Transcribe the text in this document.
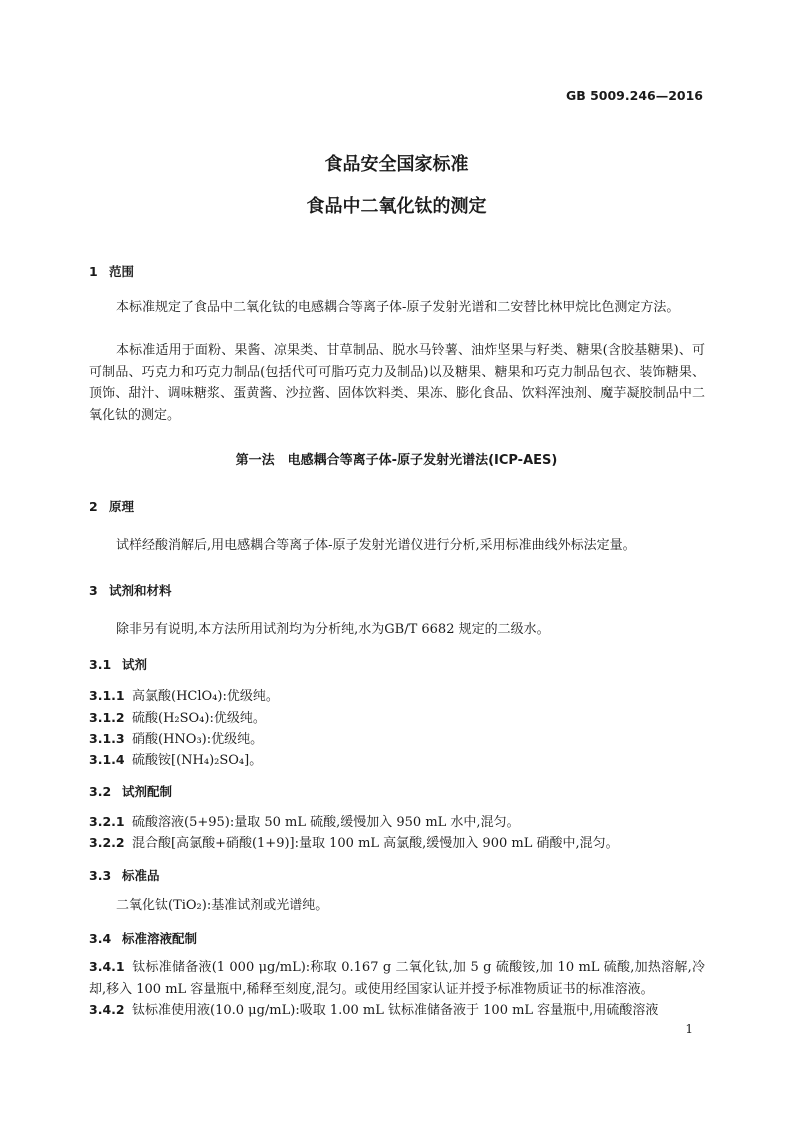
GB 5009.246—2016
食品安全国家标准
食品中二氧化钛的测定
1 范围
本标准规定了食品中二氧化钛的电感耦合等离子体-原子发射光谱和二安替比林甲烷比色测定方法。
本标准适用于面粉、果酱、凉果类、甘草制品、脱水马铃薯、油炸坚果与籽类、糖果(含胶基糖果)、可可制品、巧克力和巧克力制品(包括代可可脂巧克力及制品)以及糖果、糖果和巧克力制品包衣、装饰糖果、顶饰、甜汁、调味糖浆、蛋黄酱、沙拉酱、固体饮料类、果冻、膨化食品、饮料浑浊剂、魔芋凝胶制品中二氧化钛的测定。
第一法　电感耦合等离子体-原子发射光谱法(ICP-AES)
2 原理
试样经酸消解后,用电感耦合等离子体-原子发射光谱仪进行分析,采用标准曲线外标法定量。
3 试剂和材料
除非另有说明,本方法所用试剂均为分析纯,水为GB/T 6682 规定的二级水。
3.1 试剂
3.1.1 高氯酸(HClO₄):优级纯。
3.1.2 硫酸(H₂SO₄):优级纯。
3.1.3 硝酸(HNO₃):优级纯。
3.1.4 硫酸铵[(NH₄)₂SO₄]。
3.2 试剂配制
3.2.1 硫酸溶液(5+95):量取 50 mL 硫酸,缓慢加入 950 mL 水中,混匀。
3.2.2 混合酸[高氯酸+硝酸(1+9)]:量取 100 mL 高氯酸,缓慢加入 900 mL 硝酸中,混匀。
3.3 标准品
二氧化钛(TiO₂):基准试剂或光谱纯。
3.4 标准溶液配制
3.4.1 钛标准储备液(1 000 μg/mL):称取 0.167 g 二氧化钛,加 5 g 硫酸铵,加 10 mL 硫酸,加热溶解,冷却,移入 100 mL 容量瓶中,稀释至刻度,混匀。或使用经国家认证并授予标准物质证书的标准溶液。
3.4.2 钛标准使用液(10.0 μg/mL):吸取 1.00 mL 钛标准储备液于 100 mL 容量瓶中,用硫酸溶液
1
